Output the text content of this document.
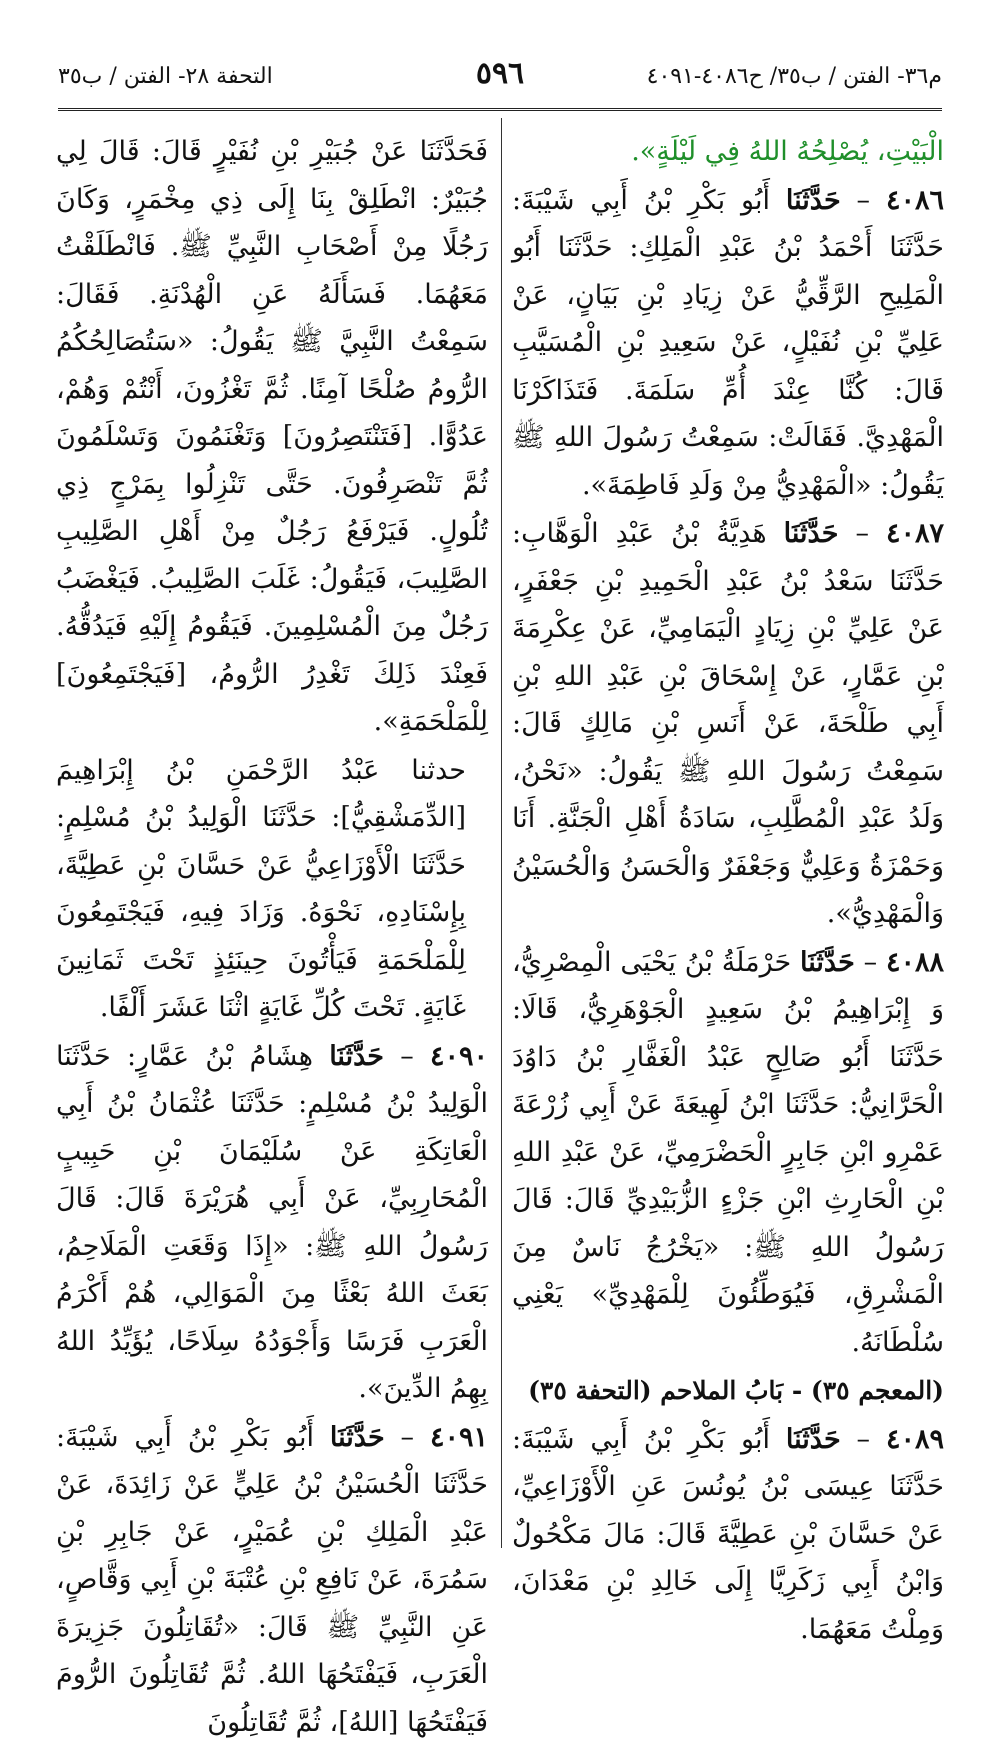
م٣٦- الفتن / ب٣٥/ ح٤٠٨٦-٤٠٩١
٥٩٦
التحفة ٢٨- الفتن / ب٣٥

الْبَيْتِ، يُصْلِحُهُ اللهُ فِي لَيْلَةٍ».

٤٠٨٦ – حَدَّثَنَا أَبُو بَكْرِ بْنُ أَبِي شَيْبَةَ: حَدَّثَنَا أَحْمَدُ بْنُ عَبْدِ الْمَلِكِ: حَدَّثَنَا أَبُو الْمَلِيحِ الرَّقِّيُّ عَنْ زِيَادِ بْنِ بَيَانٍ، عَنْ عَلِيِّ بْنِ نُفَيْلٍ، عَنْ سَعِيدِ بْنِ الْمُسَيَّبِ قَالَ: كُنَّا عِنْدَ أُمِّ سَلَمَةَ. فَتَذَاكَرْنَا الْمَهْدِيَّ. فَقَالَتْ: سَمِعْتُ رَسُولَ اللهِ ﷺ يَقُولُ: «الْمَهْدِيُّ مِنْ وَلَدِ فَاطِمَةَ».

٤٠٨٧ – حَدَّثَنَا هَدِيَّةُ بْنُ عَبْدِ الْوَهَّابِ: حَدَّثَنَا سَعْدُ بْنُ عَبْدِ الْحَمِيدِ بْنِ جَعْفَرٍ، عَنْ عَلِيِّ بْنِ زِيَادٍ الْيَمَامِيِّ، عَنْ عِكْرِمَةَ بْنِ عَمَّارٍ، عَنْ إِسْحَاقَ بْنِ عَبْدِ اللهِ بْنِ أَبِي طَلْحَةَ، عَنْ أَنَسِ بْنِ مَالِكٍ قَالَ: سَمِعْتُ رَسُولَ اللهِ ﷺ يَقُولُ: «نَحْنُ، وَلَدُ عَبْدِ الْمُطَّلِبِ، سَادَةُ أَهْلِ الْجَنَّةِ. أَنَا وَحَمْزَةُ وَعَلِيٌّ وَجَعْفَرٌ وَالْحَسَنُ وَالْحُسَيْنُ وَالْمَهْدِيُّ».

٤٠٨٨ – حَدَّثَنَا حَرْمَلَةُ بْنُ يَحْيَى الْمِصْرِيُّ، وَ إِبْرَاهِيمُ بْنُ سَعِيدٍ الْجَوْهَرِيُّ، قَالَا: حَدَّثَنَا أَبُو صَالِحٍ عَبْدُ الْغَفَّارِ بْنُ دَاوُدَ الْحَرَّانِيُّ: حَدَّثَنَا ابْنُ لَهِيعَةَ عَنْ أَبِي زُرْعَةَ عَمْرِو ابْنِ جَابِرٍ الْحَضْرَمِيِّ، عَنْ عَبْدِ اللهِ بْنِ الْحَارِثِ ابْنِ جَزْءٍ الزُّبَيْدِيِّ قَالَ: قَالَ رَسُولُ اللهِ ﷺ: «يَخْرُجُ نَاسٌ مِنَ الْمَشْرِقِ، فَيُوَطِّئُونَ لِلْمَهْدِيِّ» يَعْنِي سُلْطَانَهُ.

(المعجم ٣٥) - بَابُ الملاحم (التحفة ٣٥)

٤٠٨٩ – حَدَّثَنَا أَبُو بَكْرِ بْنُ أَبِي شَيْبَةَ: حَدَّثَنَا عِيسَى بْنُ يُونُسَ عَنِ الْأَوْزَاعِيِّ، عَنْ حَسَّانَ بْنِ عَطِيَّةَ قَالَ: مَالَ مَكْحُولٌ وَابْنُ أَبِي زَكَرِيَّا إِلَى خَالِدِ بْنِ مَعْدَانَ، وَمِلْتُ مَعَهُمَا.

فَحَدَّثَنَا عَنْ جُبَيْرِ بْنِ نُفَيْرٍ قَالَ: قَالَ لِي جُبَيْرٌ: انْطَلِقْ بِنَا إِلَى ذِي مِخْمَرٍ، وَكَانَ رَجُلًا مِنْ أَصْحَابِ النَّبِيِّ ﷺ. فَانْطَلَقْتُ مَعَهُمَا. فَسَأَلَهُ عَنِ الْهُدْنَةِ. فَقَالَ: سَمِعْتُ النَّبِيَّ ﷺ يَقُولُ: «سَتُصَالِحُكُمُ الرُّومُ صُلْحًا آمِنًا. ثُمَّ تَغْزُونَ، أَنْتُمْ وَهُمْ، عَدُوًّا. [فَتَنْتَصِرُونَ] وَتَغْنَمُونَ وَتَسْلَمُونَ ثُمَّ تَنْصَرِفُونَ. حَتَّى تَنْزِلُوا بِمَرْجٍ ذِي تُلُولٍ. فَيَرْفَعُ رَجُلٌ مِنْ أَهْلِ الصَّلِيبِ الصَّلِيبَ، فَيَقُولُ: غَلَبَ الصَّلِيبُ. فَيَغْضَبُ رَجُلٌ مِنَ الْمُسْلِمِينَ. فَيَقُومُ إِلَيْهِ فَيَدُقُّهُ. فَعِنْدَ ذَلِكَ تَغْدِرُ الرُّومُ، [فَيَجْتَمِعُونَ] لِلْمَلْحَمَةِ».

حدثنا عَبْدُ الرَّحْمَنِ بْنُ إِبْرَاهِيمَ [الدِّمَشْقِيُّ]: حَدَّثَنَا الْوَلِيدُ بْنُ مُسْلِمٍ: حَدَّثَنَا الْأَوْزَاعِيُّ عَنْ حَسَّانَ بْنِ عَطِيَّةَ، بِإِسْنَادِهِ، نَحْوَهُ. وَزَادَ فِيهِ، فَيَجْتَمِعُونَ لِلْمَلْحَمَةِ فَيَأْتُونَ حِينَئِذٍ تَحْتَ ثَمَانِينَ غَايَةٍ. تَحْتَ كُلِّ غَايَةٍ اثْنَا عَشَرَ أَلْفًا.

٤٠٩٠ – حَدَّثَنَا هِشَامُ بْنُ عَمَّارٍ: حَدَّثَنَا الْوَلِيدُ بْنُ مُسْلِمٍ: حَدَّثَنَا عُثْمَانُ بْنُ أَبِي الْعَاتِكَةِ عَنْ سُلَيْمَانَ بْنِ حَبِيبٍ الْمُحَارِبِيِّ، عَنْ أَبِي هُرَيْرَةَ قَالَ: قَالَ رَسُولُ اللهِ ﷺ: «إِذَا وَقَعَتِ الْمَلَاحِمُ، بَعَثَ اللهُ بَعْثًا مِنَ الْمَوَالِي، هُمْ أَكْرَمُ الْعَرَبِ فَرَسًا وَأَجْوَدُهُ سِلَاحًا، يُؤَيِّدُ اللهُ بِهِمُ الدِّينَ».

٤٠٩١ – حَدَّثَنَا أَبُو بَكْرِ بْنُ أَبِي شَيْبَةَ: حَدَّثَنَا الْحُسَيْنُ بْنُ عَلِيٍّ عَنْ زَائِدَةَ، عَنْ عَبْدِ الْمَلِكِ بْنِ عُمَيْرٍ، عَنْ جَابِرِ بْنِ سَمُرَةَ، عَنْ نَافِعِ بْنِ عُتْبَةَ بْنِ أَبِي وَقَّاصٍ، عَنِ النَّبِيِّ ﷺ قَالَ: «تُقَاتِلُونَ جَزِيرَةَ الْعَرَبِ، فَيَفْتَحُهَا اللهُ. ثُمَّ تُقَاتِلُونَ الرُّومَ فَيَفْتَحُهَا [اللهُ]، ثُمَّ تُقَاتِلُونَ
